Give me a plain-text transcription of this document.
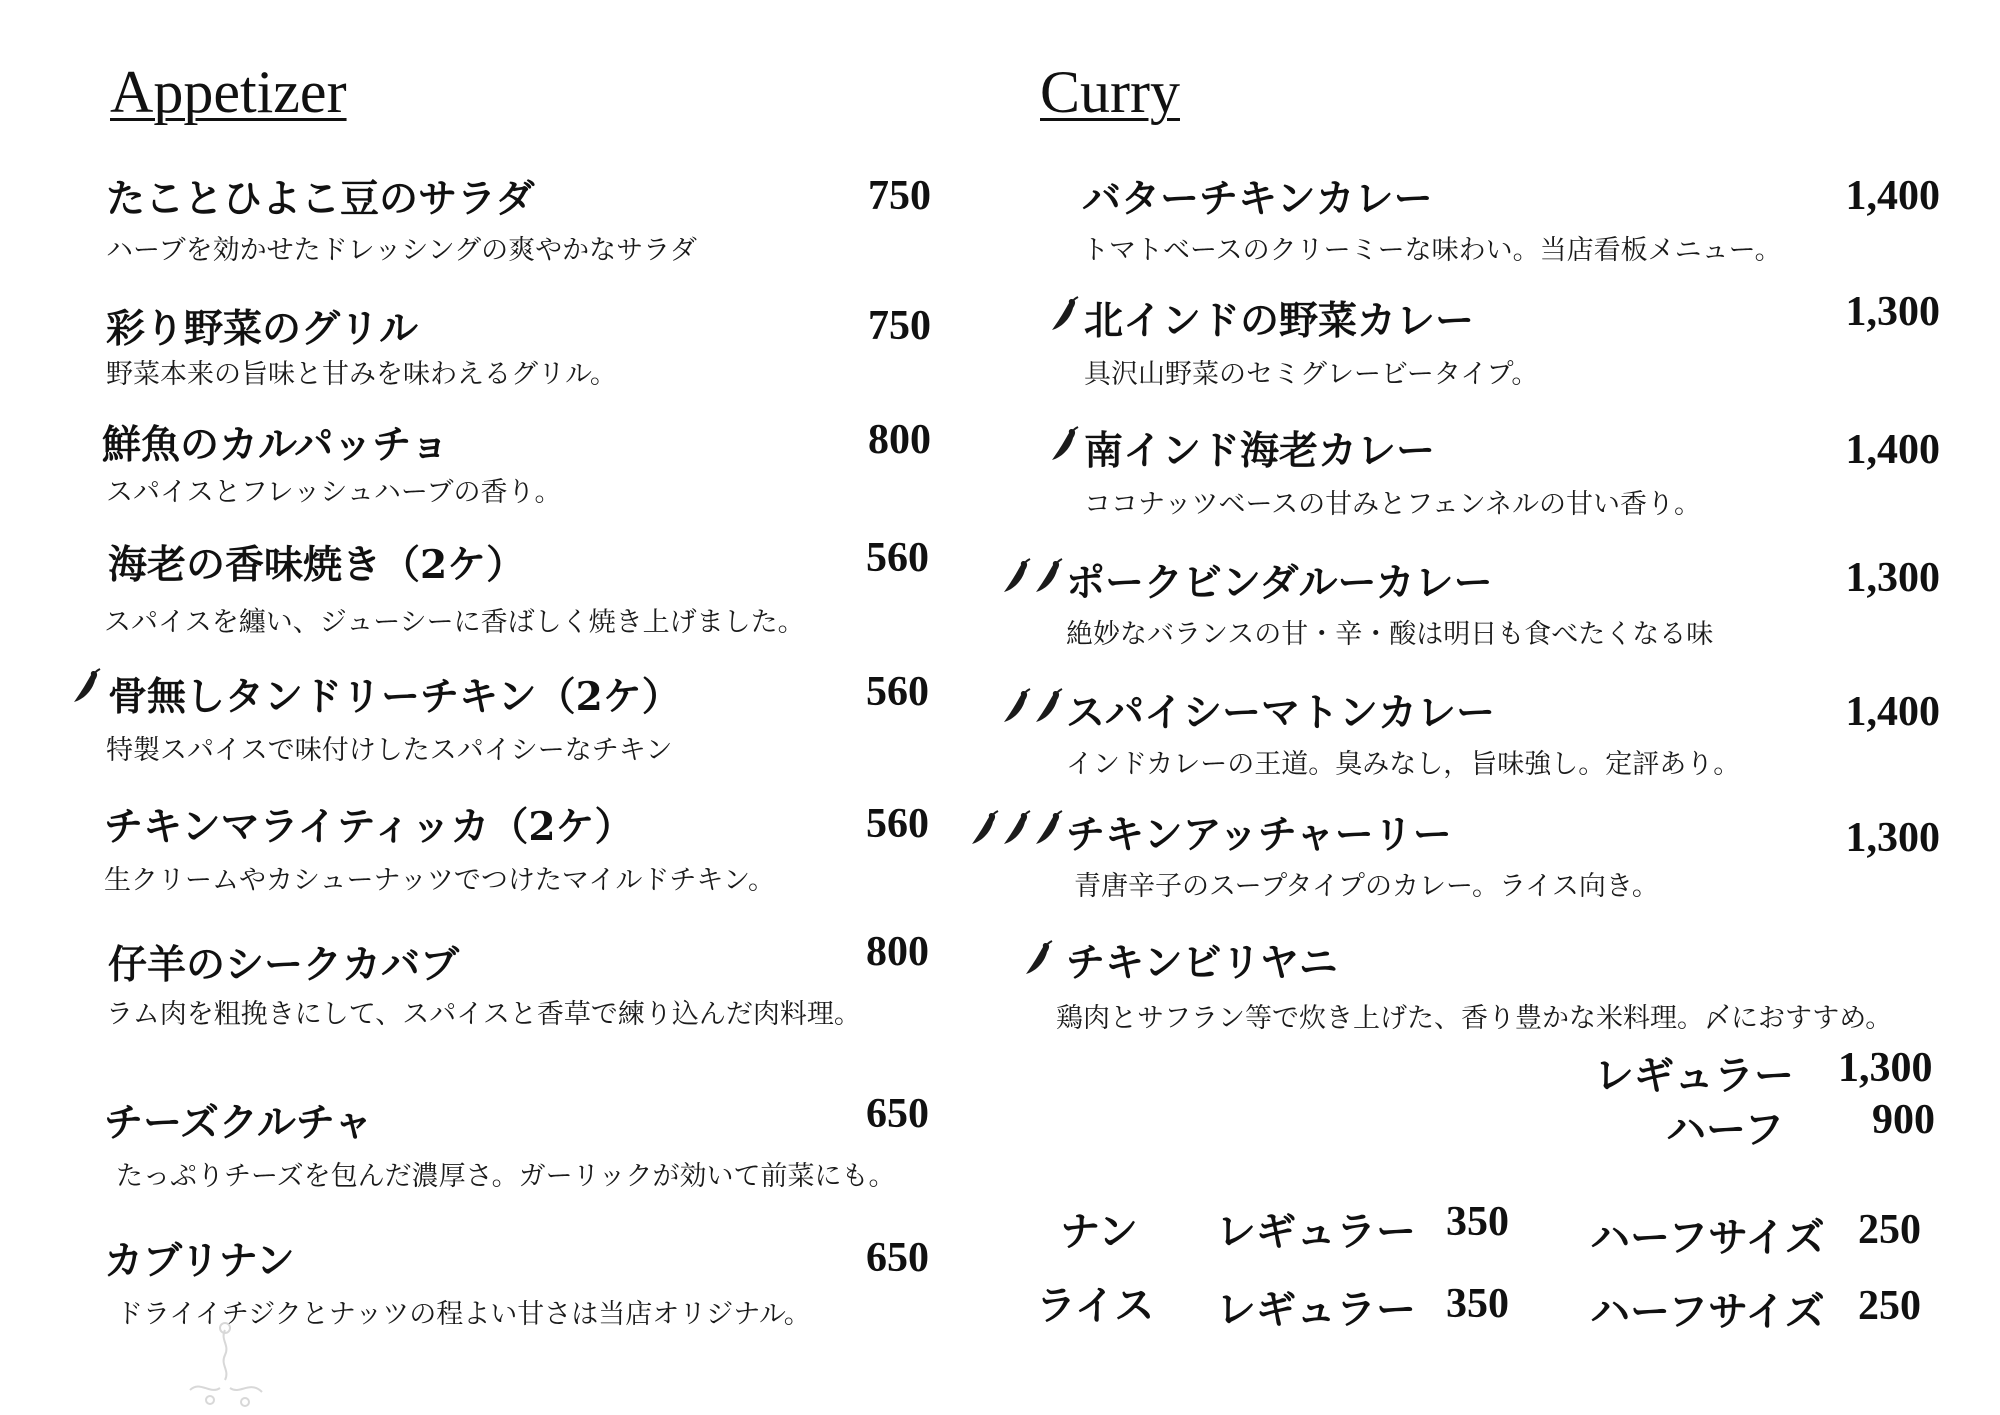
Appetizer	Curry
たことひよこ豆のサラダ	750
ハーブを効かせたドレッシングの爽やかなサラダ
彩り野菜のグリル	750
野菜本来の旨味と甘みを味わえるグリル。
鮮魚のカルパッチョ	800
スパイスとフレッシュハーブの香り。
海老の香味焼き（2ケ）	560
スパイスを纏い、ジューシーに香ばしく焼き上げました。
骨無しタンドリーチキン（2ケ）	560
特製スパイスで味付けしたスパイシーなチキン
チキンマライティッカ（2ケ）	560
生クリームやカシューナッツでつけたマイルドチキン。
仔羊のシークカバブ	800
ラム肉を粗挽きにして、スパイスと香草で練り込んだ肉料理。
チーズクルチャ	650
たっぷりチーズを包んだ濃厚さ。ガーリックが効いて前菜にも。
カブリナン	650
ドライイチジクとナッツの程よい甘さは当店オリジナル。
バターチキンカレー	1,400
トマトベースのクリーミーな味わい。当店看板メニュー。
北インドの野菜カレー	1,300
具沢山野菜のセミグレービータイプ。
南インド海老カレー	1,400
ココナッツベースの甘みとフェンネルの甘い香り。
ポークビンダルーカレー	1,300
絶妙なバランスの甘・辛・酸は明日も食べたくなる味
スパイシーマトンカレー	1,400
インドカレーの王道。臭みなし，旨味強し。定評あり。
チキンアッチャーリー	1,300
青唐辛子のスープタイプのカレー。ライス向き。
チキンビリヤニ
鶏肉とサフラン等で炊き上げた、香り豊かな米料理。〆におすすめ。
レギュラー 1,300
ハーフ 900
ナン レギュラー 350 ハーフサイズ 250
ライス レギュラー 350 ハーフサイズ 250
